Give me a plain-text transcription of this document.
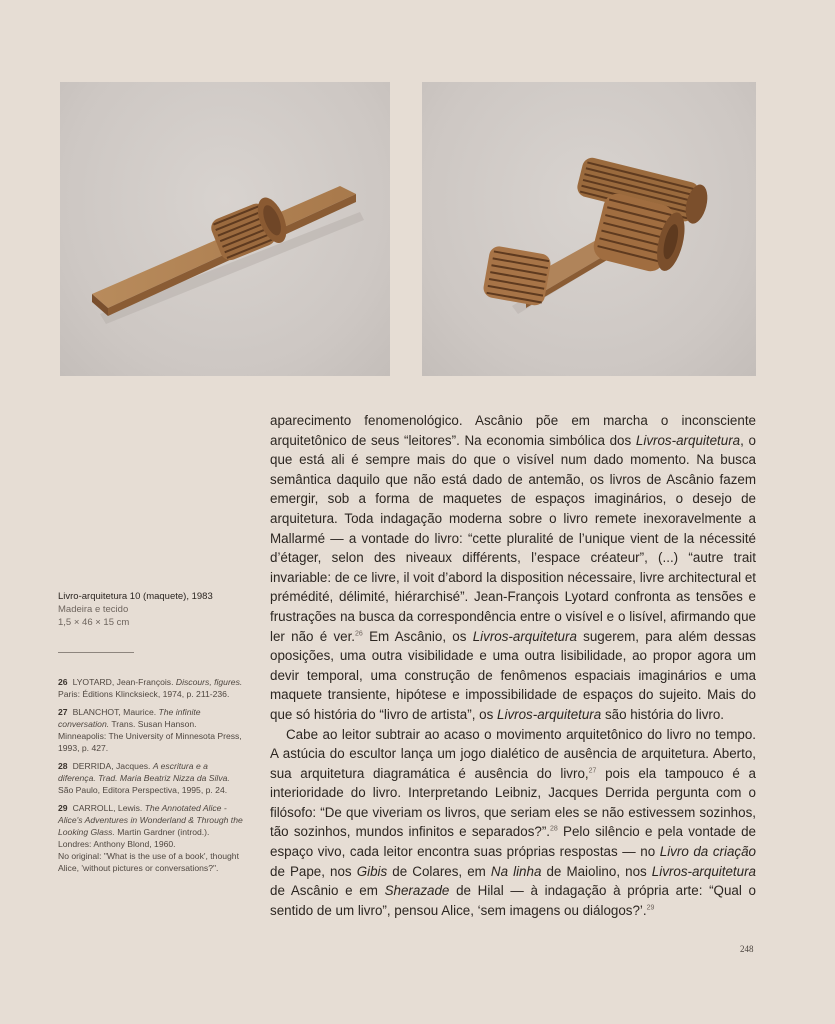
Livro-arquitetura 10 (maquete), 1983
Madeira e tecido
1,5 × 46 × 15 cm
26 LYOTARD, Jean-François. Discours, figures. Paris: Éditions Klincksieck, 1974, p. 211-236.
27 BLANCHOT, Maurice. The infinite conversation. Trans. Susan Hanson. Minneapolis: The University of Minnesota Press, 1993, p. 427.
28 DERRIDA, Jacques. A escritura e a diferença. Trad. Maria Beatriz Nizza da Silva. São Paulo, Editora Perspectiva, 1995, p. 24.
29 CARROLL, Lewis. The Annotated Alice - Alice's Adventures in Wonderland & Through the Looking Glass. Martin Gardner (introd.). Londres: Anthony Blond, 1960.
No original: "What is the use of a book', thought Alice, 'without pictures or conversations?".

aparecimento fenomenológico. Ascânio põe em marcha o inconsciente arquitetônico de seus “leitores”. Na economia simbólica dos Livros-arquitetura, o que está ali é sempre mais do que o visível num dado momento. Na busca semântica daquilo que não está dado de antemão, os livros de Ascânio fazem emergir, sob a forma de maquetes de espaços imaginários, o desejo de arquitetura. Toda indagação moderna sobre o livro remete inexoravelmente a Mallarmé — a vontade do livro: “cette pluralité de l’unique vient de la nécessité d’étager, selon des niveaux différents, l’espace créateur”, (...) “autre trait invariable: de ce livre, il voit d’abord la disposition nécessaire, livre architectural et prémédité, délimité, hiérarchisé”. Jean-François Lyotard confronta as tensões e frustrações na busca da correspondência entre o visível e o lisível, afirmando que ler não é ver.$^{26}$ Em Ascânio, os Livros-arquitetura sugerem, para além dessas oposições, uma outra visibilidade e uma outra lisibilidade, ao propor agora um devir temporal, uma construção de fenômenos espaciais imaginários e uma maquete transiente, hipótese e impossibilidade de espaços do sujeito. Mais do que só história do “livro de artista”, os Livros-arquitetura são história do livro.

Cabe ao leitor subtrair ao acaso o movimento arquitetônico do livro no tempo. A astúcia do escultor lança um jogo dialético de ausência de arquitetura. Aberto, sua arquitetura diagramática é ausência do livro,$^{27}$ pois ela tampouco é a interioridade do livro. Interpretando Leibniz, Jacques Derrida pergunta com o filósofo: “De que viveriam os livros, que seriam eles se não estivessem sozinhos, tão sozinhos, mundos infinitos e separados?”.$^{28}$ Pelo silêncio e pela vontade de espaço vivo, cada leitor encontra suas próprias respostas — no Livro da criação de Pape, nos Gibis de Colares, em Na linha de Maiolino, nos Livros-arquitetura de Ascânio e em Sherazade de Hilal — à indagação à própria arte: “Qual o sentido de um livro”, pensou Alice, ‘sem imagens ou diálogos?’.$^{29}$

248
